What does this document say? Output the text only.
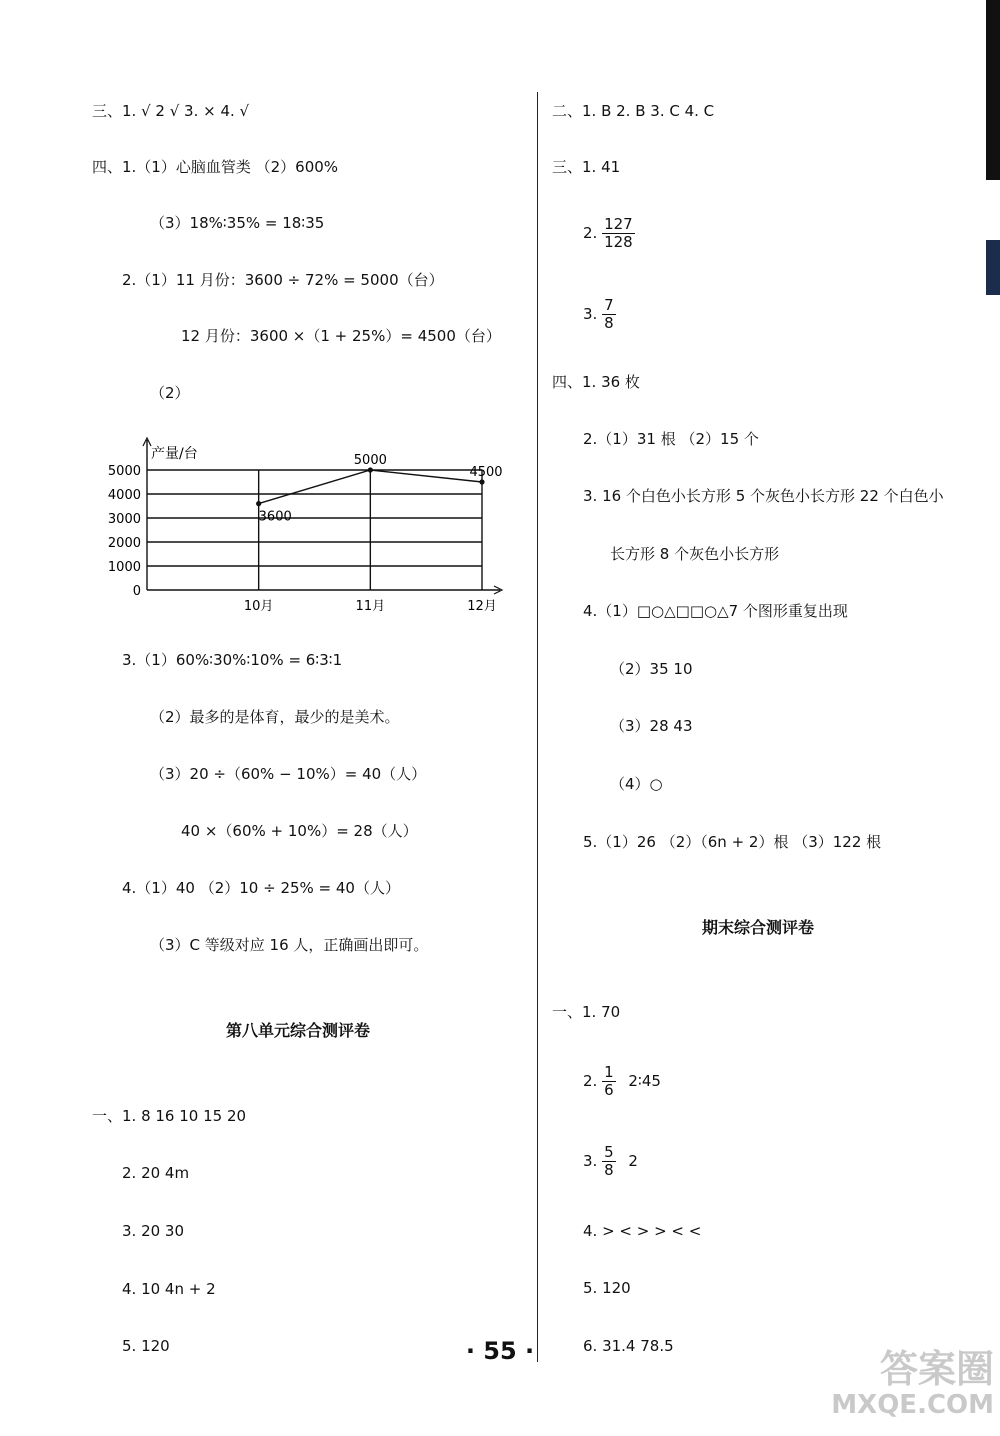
三、1. √ 2 √ 3. × 4. √
四、1.（1）心脑血管类 （2）600%
（3）18%∶35% = 18∶35
2.（1）11 月份：3600 ÷ 72% = 5000（台）
12 月份：3600 ×（1 + 25%）= 4500（台）
（2）
0
1000
2000
3000
4000
5000
10月	11月	12月
产量/台
3600
5000
4500
3.（1）60%∶30%∶10% = 6∶3∶1
（2）最多的是体育，最少的是美术。
（3）20 ÷（60% − 10%）= 40（人）
40 ×（60% + 10%）= 28（人）
4.（1）40 （2）10 ÷ 25% = 40（人）
（3）C 等级对应 16 人，正确画出即可。
第八单元综合测评卷
一、1. 8 16 10 15 20
2. 20 4m
3. 20 30
4. 10 4n + 2
5. 120
二、1. B 2. B 3. C 4. C
三、1. 41
2. $\frac{127}{128}$
3. $\frac{7}{8}$
四、1. 36 枚
2.（1）31 根 （2）15 个
3. 16 个白色小长方形 5 个灰色小长方形 22 个白色小
长方形 8 个灰色小长方形
4.（1）□○△□□○△7 个图形重复出现
（2）35 10
（3）28 43
（4）○
5.（1）26 （2）（6n + 2）根 （3）122 根
期末综合测评卷
一、1. 70
2. $\frac{1}{6}$ 2∶45
3. $\frac{5}{8} 2$
4. > < > > < <
5. 120
6. 31.4 78.5
· 55 ·	答案圈
MXQE.COM
